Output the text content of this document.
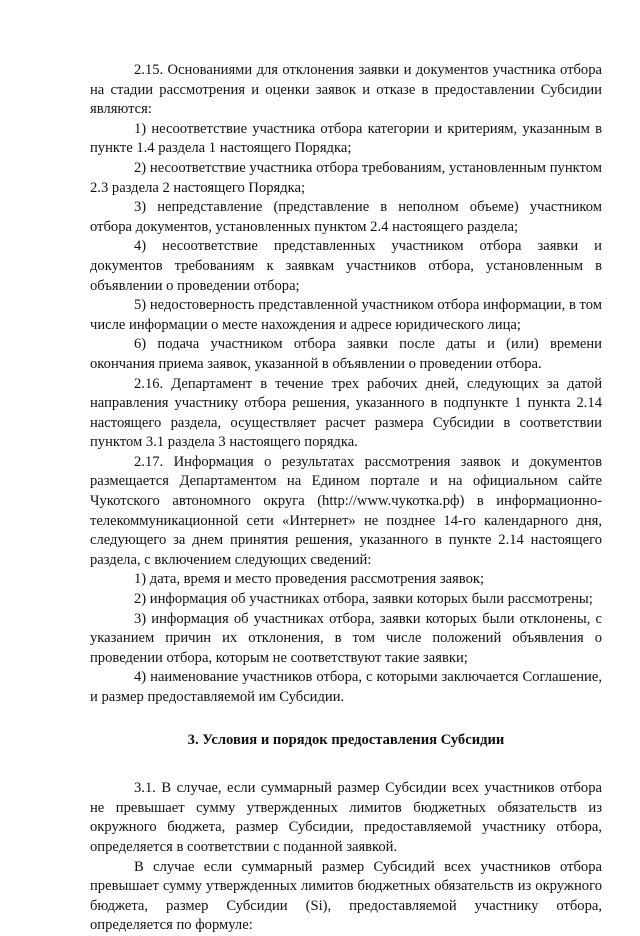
2.15. Основаниями для отклонения заявки и документов участника отбора на стадии рассмотрения и оценки заявок и отказе в предоставлении Субсидии являются:

1) несоответствие участника отбора категории и критериям, указанным в пункте 1.4 раздела 1 настоящего Порядка;

2) несоответствие участника отбора требованиям, установленным пунктом 2.3 раздела 2 настоящего Порядка;

3) непредставление (представление в неполном объеме) участником отбора документов, установленных пунктом 2.4 настоящего раздела;

4) несоответствие представленных участником отбора заявки и документов требованиям к заявкам участников отбора, установленным в объявлении о проведении отбора;

5) недостоверность представленной участником отбора информации, в том числе информации о месте нахождения и адресе юридического лица;

6) подача участником отбора заявки после даты и (или) времени окончания приема заявок, указанной в объявлении о проведении отбора.

2.16. Департамент в течение трех рабочих дней, следующих за датой направления участнику отбора решения, указанного в подпункте 1 пункта 2.14 настоящего раздела, осуществляет расчет размера Субсидии в соответствии пунктом 3.1 раздела 3 настоящего порядка.

2.17. Информация о результатах рассмотрения заявок и документов размещается Департаментом на Едином портале и на официальном сайте Чукотского автономного округа (http://www.чукотка.рф) в информационно-телекоммуникационной сети «Интернет» не позднее 14-го календарного дня, следующего за днем принятия решения, указанного в пункте 2.14 настоящего раздела, с включением следующих сведений:

1) дата, время и место проведения рассмотрения заявок;

2) информация об участниках отбора, заявки которых были рассмотрены;

3) информация об участниках отбора, заявки которых были отклонены, с указанием причин их отклонения, в том числе положений объявления о проведении отбора, которым не соответствуют такие заявки;

4) наименование участников отбора, с которыми заключается Соглашение, и размер предоставляемой им Субсидии.

3. Условия и порядок предоставления Субсидии

3.1. В случае, если суммарный размер Субсидии всех участников отбора не превышает сумму утвержденных лимитов бюджетных обязательств из окружного бюджета, размер Субсидии, предоставляемой участнику отбора, определяется в соответствии с поданной заявкой.

В случае если суммарный размер Субсидий всех участников отбора превышает сумму утвержденных лимитов бюджетных обязательств из окружного бюджета, размер Субсидии (Si), предоставляемой участнику отбора, определяется по формуле:
